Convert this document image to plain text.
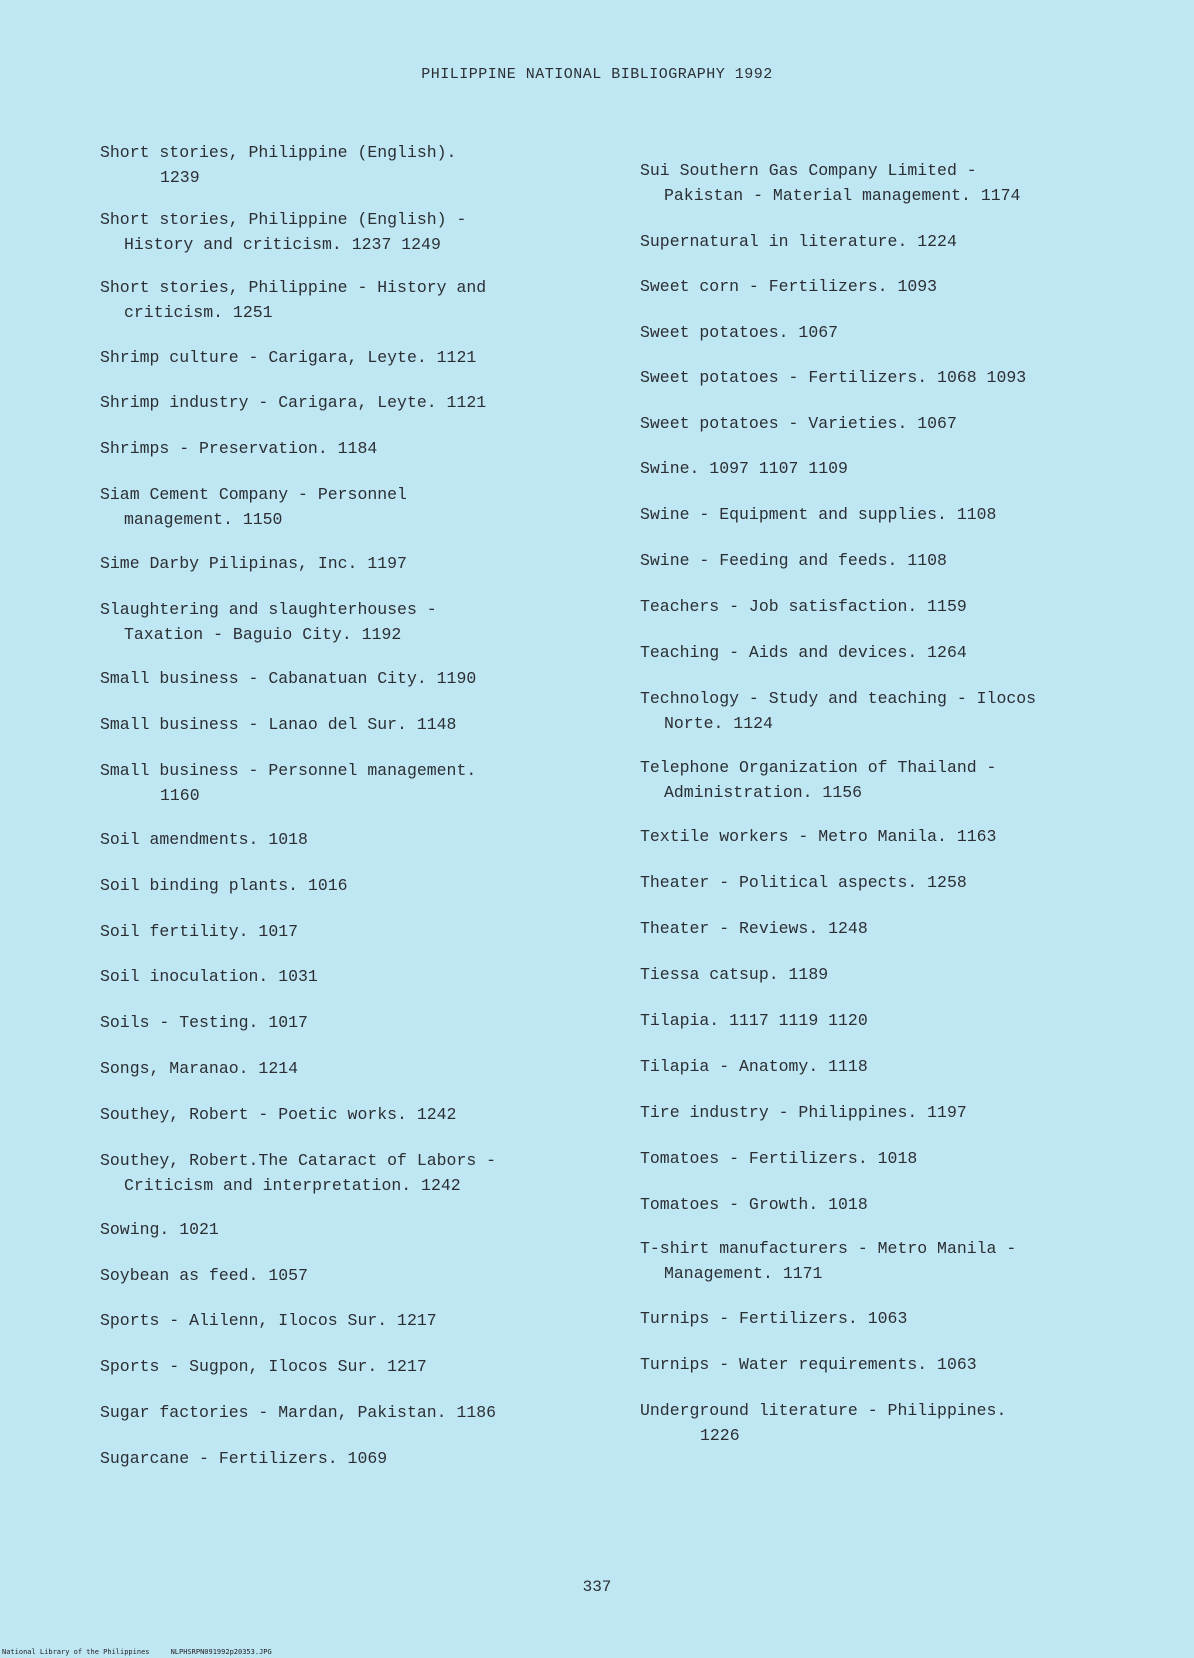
PHILIPPINE NATIONAL BIBLIOGRAPHY 1992
Short stories, Philippine (English).
1239
Short stories, Philippine (English) -
History and criticism. 1237 1249
Short stories, Philippine - History and
criticism. 1251
Shrimp culture - Carigara, Leyte. 1121
Shrimp industry - Carigara, Leyte. 1121
Shrimps - Preservation. 1184
Siam Cement Company - Personnel
management. 1150
Sime Darby Pilipinas, Inc. 1197
Slaughtering and slaughterhouses -
Taxation - Baguio City. 1192
Small business - Cabanatuan City. 1190
Small business - Lanao del Sur. 1148
Small business - Personnel management.
1160
Soil amendments. 1018
Soil binding plants. 1016
Soil fertility. 1017
Soil inoculation. 1031
Soils - Testing. 1017
Songs, Maranao. 1214
Southey, Robert - Poetic works. 1242
Southey, Robert.The Cataract of Labors -
Criticism and interpretation. 1242
Sowing. 1021
Soybean as feed. 1057
Sports - Alilenn, Ilocos Sur. 1217
Sports - Sugpon, Ilocos Sur. 1217
Sugar factories - Mardan, Pakistan. 1186
Sugarcane - Fertilizers. 1069
Sui Southern Gas Company Limited -
Pakistan - Material management. 1174
Supernatural in literature. 1224
Sweet corn - Fertilizers. 1093
Sweet potatoes. 1067
Sweet potatoes - Fertilizers. 1068 1093
Sweet potatoes - Varieties. 1067
Swine. 1097 1107 1109
Swine - Equipment and supplies. 1108
Swine - Feeding and feeds. 1108
Teachers - Job satisfaction. 1159
Teaching - Aids and devices. 1264
Technology - Study and teaching - Ilocos
Norte. 1124
Telephone Organization of Thailand -
Administration. 1156
Textile workers - Metro Manila. 1163
Theater - Political aspects. 1258
Theater - Reviews. 1248
Tiessa catsup. 1189
Tilapia. 1117 1119 1120
Tilapia - Anatomy. 1118
Tire industry - Philippines. 1197
Tomatoes - Fertilizers. 1018
Tomatoes - Growth. 1018
T-shirt manufacturers - Metro Manila -
Management. 1171
Turnips - Fertilizers. 1063
Turnips - Water requirements. 1063
Underground literature - Philippines.
1226
337
National Library of the Philippines     NLPHSRPN091992p20353.JPG
